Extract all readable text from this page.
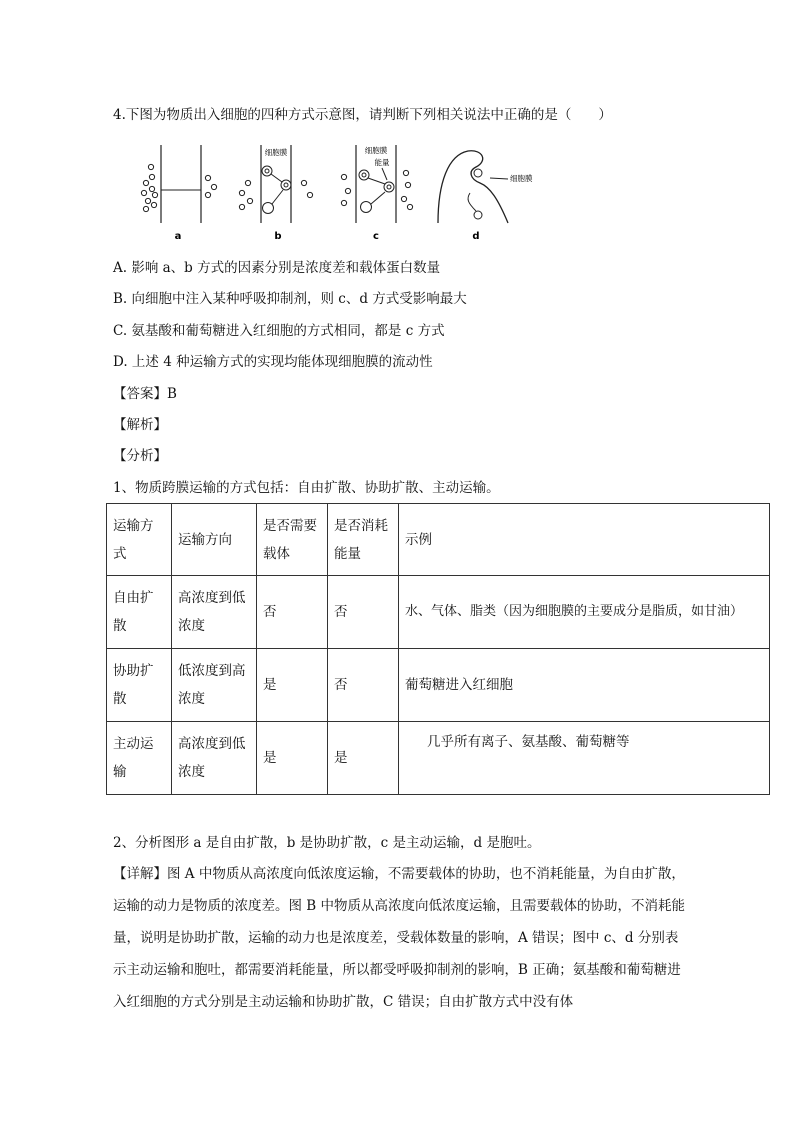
4.下图为物质出入细胞的四种方式示意图，请判断下列相关说法中正确的是（　　）
a
细胞膜
b
细胞膜
能量
c
细胞膜
d
A. 影响 a、b 方式的因素分别是浓度差和载体蛋白数量
B. 向细胞中注入某种呼吸抑制剂，则 c、d 方式受影响最大
C. 氨基酸和葡萄糖进入红细胞的方式相同，都是 c 方式
D. 上述 4 种运输方式的实现均能体现细胞膜的流动性
【答案】B
【解析】
【分析】
1、物质跨膜运输的方式包括：自由扩散、协助扩散、主动运输。
运输方式	运输方向	是否需要载体	是否消耗能量	示例
自由扩散	高浓度到低浓度	否	否	水、气体、脂类（因为细胞膜的主要成分是脂质，如甘油）
协助扩散	低浓度到高浓度	是	否	葡萄糖进入红细胞
主动运输	高浓度到低浓度	是	是	几乎所有离子、氨基酸、葡萄糖等
2、分析图形 a 是自由扩散，b 是协助扩散，c 是主动运输，d 是胞吐。
【详解】图 A 中物质从高浓度向低浓度运输，不需要载体的协助，也不消耗能量，为自由扩散，运输的动力是物质的浓度差。图 B 中物质从高浓度向低浓度运输，且需要载体的协助，不消耗能量，说明是协助扩散，运输的动力也是浓度差，受载体数量的影响，A 错误；图中 c、d 分别表示主动运输和胞吐，都需要消耗能量，所以都受呼吸抑制剂的影响，B 正确；氨基酸和葡萄糖进入红细胞的方式分别是主动运输和协助扩散，C 错误；自由扩散方式中没有体
